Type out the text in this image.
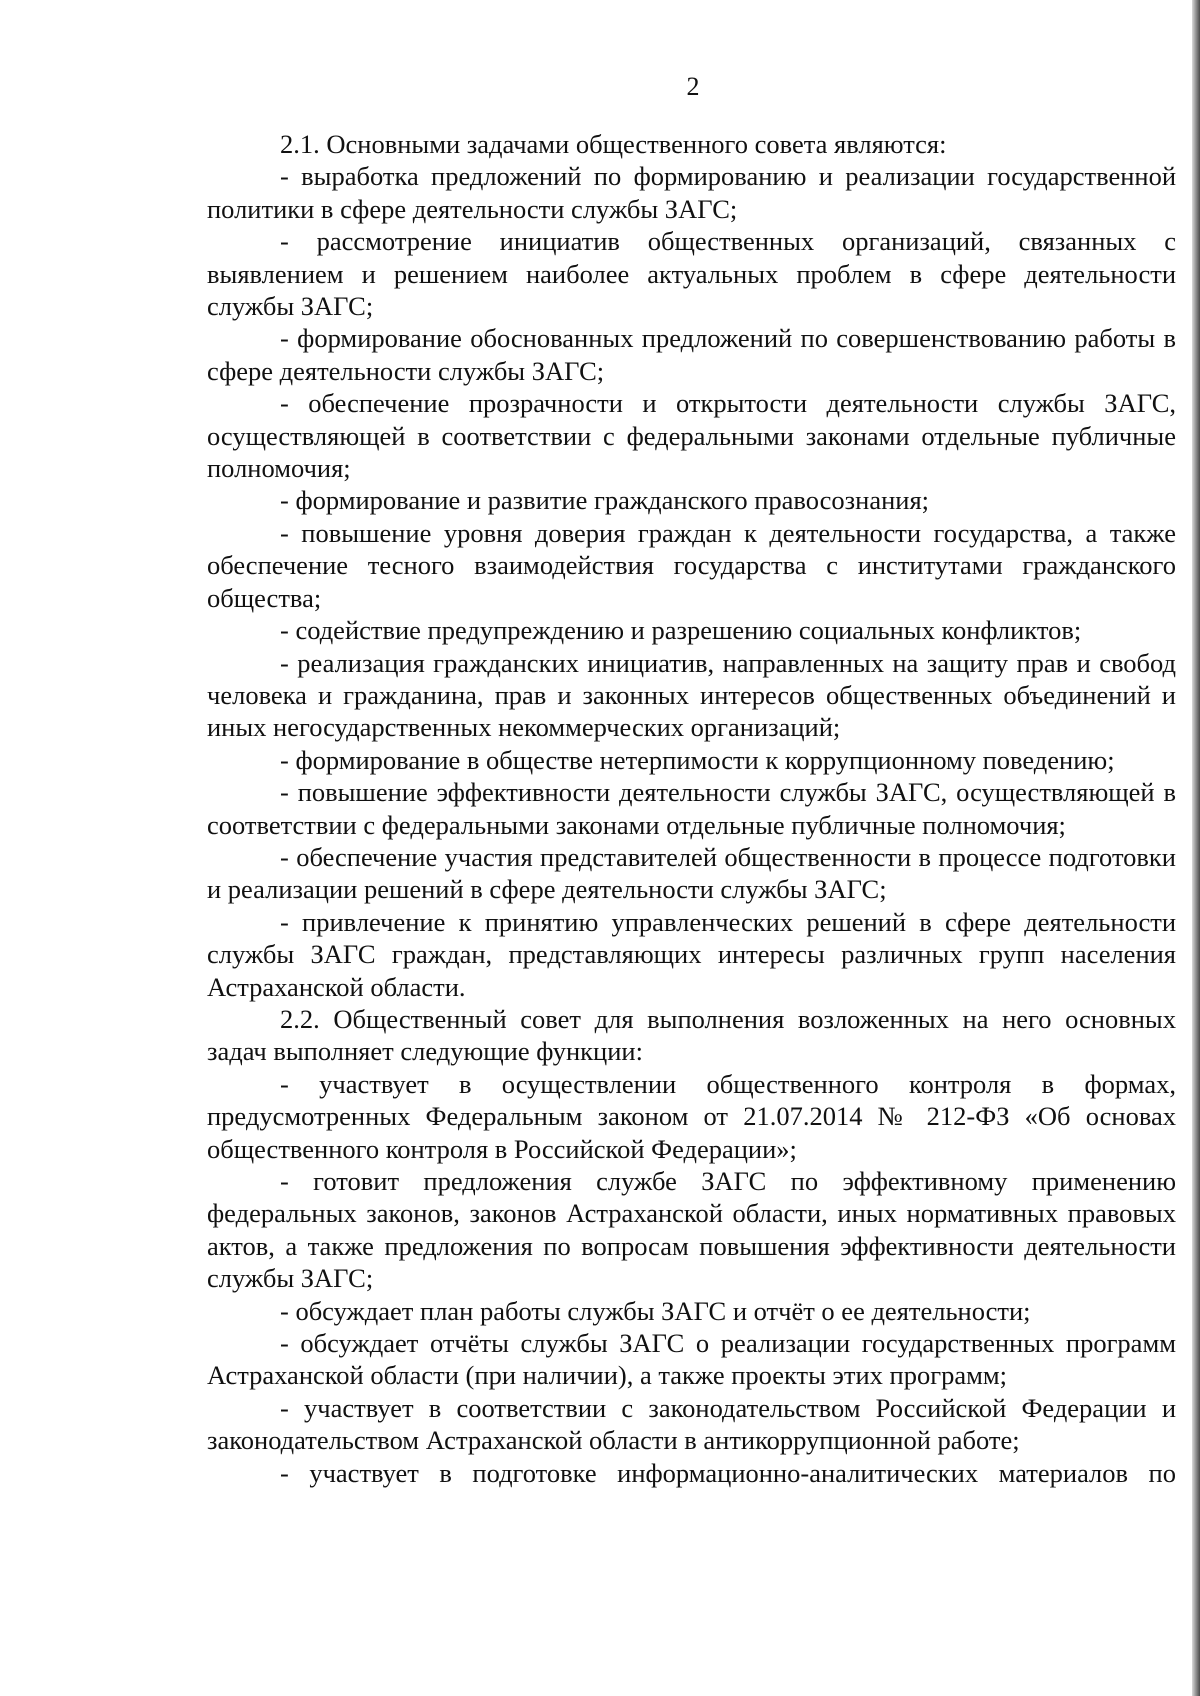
2

2.1. Основными задачами общественного совета являются:

- выработка предложений по формированию и реализации государственной политики в сфере деятельности службы ЗАГС;

- рассмотрение инициатив общественных организаций, связанных с выявлением и решением наиболее актуальных проблем в сфере деятельности службы ЗАГС;

- формирование обоснованных предложений по совершенствованию работы в сфере деятельности службы ЗАГС;

- обеспечение прозрачности и открытости деятельности службы ЗАГС, осуществляющей в соответствии с федеральными законами отдельные публичные полномочия;

- формирование и развитие гражданского правосознания;

- повышение уровня доверия граждан к деятельности государства, а также обеспечение тесного взаимодействия государства с институтами гражданского общества;

- содействие предупреждению и разрешению социальных конфликтов;

- реализация гражданских инициатив, направленных на защиту прав и свобод человека и гражданина, прав и законных интересов общественных объединений и иных негосударственных некоммерческих организаций;

- формирование в обществе нетерпимости к коррупционному поведению;

- повышение эффективности деятельности службы ЗАГС, осуществляющей в соответствии с федеральными законами отдельные публичные полномочия;

- обеспечение участия представителей общественности в процессе подготовки и реализации решений в сфере деятельности службы ЗАГС;

- привлечение к принятию управленческих решений в сфере деятельности службы ЗАГС граждан, представляющих интересы различных групп населения Астраханской области.

2.2. Общественный совет для выполнения возложенных на него основных задач выполняет следующие функции:

- участвует в осуществлении общественного контроля в формах, предусмотренных Федеральным законом от 21.07.2014 № 212-ФЗ «Об основах общественного контроля в Российской Федерации»;

- готовит предложения службе ЗАГС по эффективному применению федеральных законов, законов Астраханской области, иных нормативных правовых актов, а также предложения по вопросам повышения эффективности деятельности службы ЗАГС;

- обсуждает план работы службы ЗАГС и отчёт о ее деятельности;

- обсуждает отчёты службы ЗАГС о реализации государственных программ Астраханской области (при наличии), а также проекты этих программ;

- участвует в соответствии с законодательством Российской Федерации и законодательством Астраханской области в антикоррупционной работе;

- участвует в подготовке информационно-аналитических материалов по
